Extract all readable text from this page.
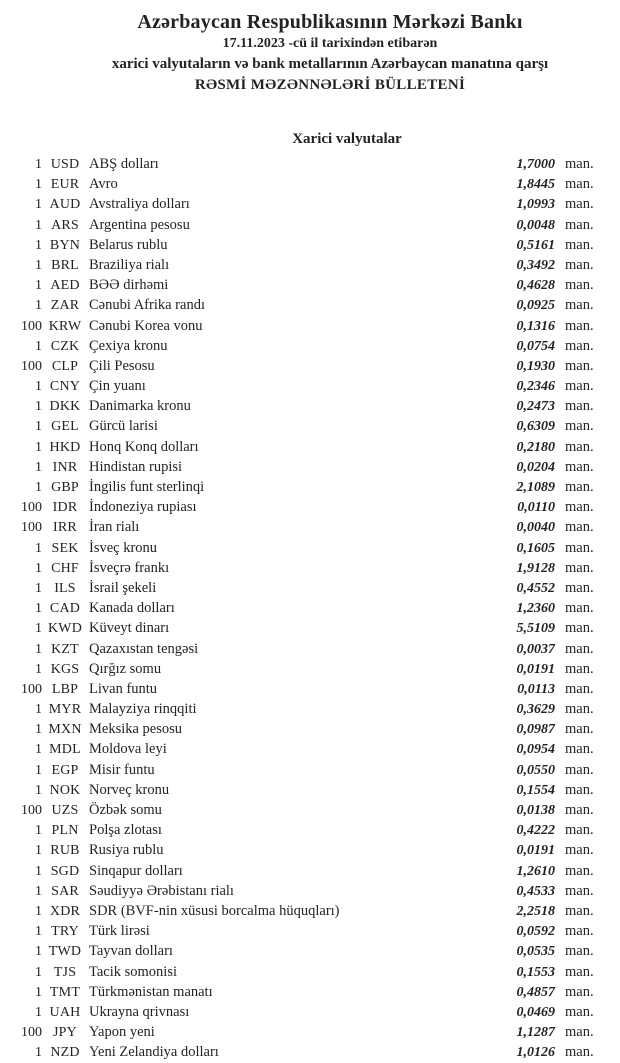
Azərbaycan Respublikasının Mərkəzi Bankı
17.11.2023 -cü il tarixindən etibarən
xarici valyutaların və bank metallarının Azərbaycan manatına qarşı
RƏSMİ MƏZƏNNƏLƏRİ BÜLLETENİ
Xarici valyutalar
1 USD ABŞ dolları	1,7000 man.
1 EUR Avro	1,8445 man.
1 AUD Avstraliya dolları	1,0993 man.
1 ARS Argentina pesosu	0,0048 man.
1 BYN Belarus rublu	0,5161 man.
1 BRL Braziliya rialı	0,3492 man.
1 AED BƏƏ dirhəmi	0,4628 man.
1 ZAR Cənubi Afrika randı	0,0925 man.
100 KRW Cənubi Korea vonu	0,1316 man.
1 CZK Çexiya kronu	0,0754 man.
100 CLP Çili Pesosu	0,1930 man.
1 CNY Çin yuanı	0,2346 man.
1 DKK Danimarka kronu	0,2473 man.
1 GEL Gürcü larisi	0,6309 man.
1 HKD Honq Konq dolları	0,2180 man.
1 INR Hindistan rupisi	0,0204 man.
1 GBP İngilis funt sterlinqi	2,1089 man.
100 IDR İndoneziya rupiası	0,0110 man.
100 IRR İran rialı	0,0040 man.
1 SEK İsveç kronu	0,1605 man.
1 CHF İsveçrə frankı	1,9128 man.
1 ILS İsrail şekeli	0,4552 man.
1 CAD Kanada dolları	1,2360 man.
1 KWD Küveyt dinarı	5,5109 man.
1 KZT Qazaxıstan tengəsi	0,0037 man.
1 KGS Qırğız somu	0,0191 man.
100 LBP Livan funtu	0,0113 man.
1 MYR Malayziya rinqqiti	0,3629 man.
1 MXN Meksika pesosu	0,0987 man.
1 MDL Moldova leyi	0,0954 man.
1 EGP Misir funtu	0,0550 man.
1 NOK Norveç kronu	0,1554 man.
100 UZS Özbək somu	0,0138 man.
1 PLN Polşa zlotası	0,4222 man.
1 RUB Rusiya rublu	0,0191 man.
1 SGD Sinqapur dolları	1,2610 man.
1 SAR Səudiyyə Ərəbistanı rialı	0,4533 man.
1 XDR SDR (BVF-nin xüsusi borcalma hüquqları)	2,2518 man.
1 TRY Türk lirəsi	0,0592 man.
1 TWD Tayvan dolları	0,0535 man.
1 TJS Tacik somonisi	0,1553 man.
1 TMT Türkmənistan manatı	0,4857 man.
1 UAH Ukrayna qrivnası	0,0469 man.
100 JPY Yapon yeni	1,1287 man.
1 NZD Yeni Zelandiya dolları	1,0126 man.
